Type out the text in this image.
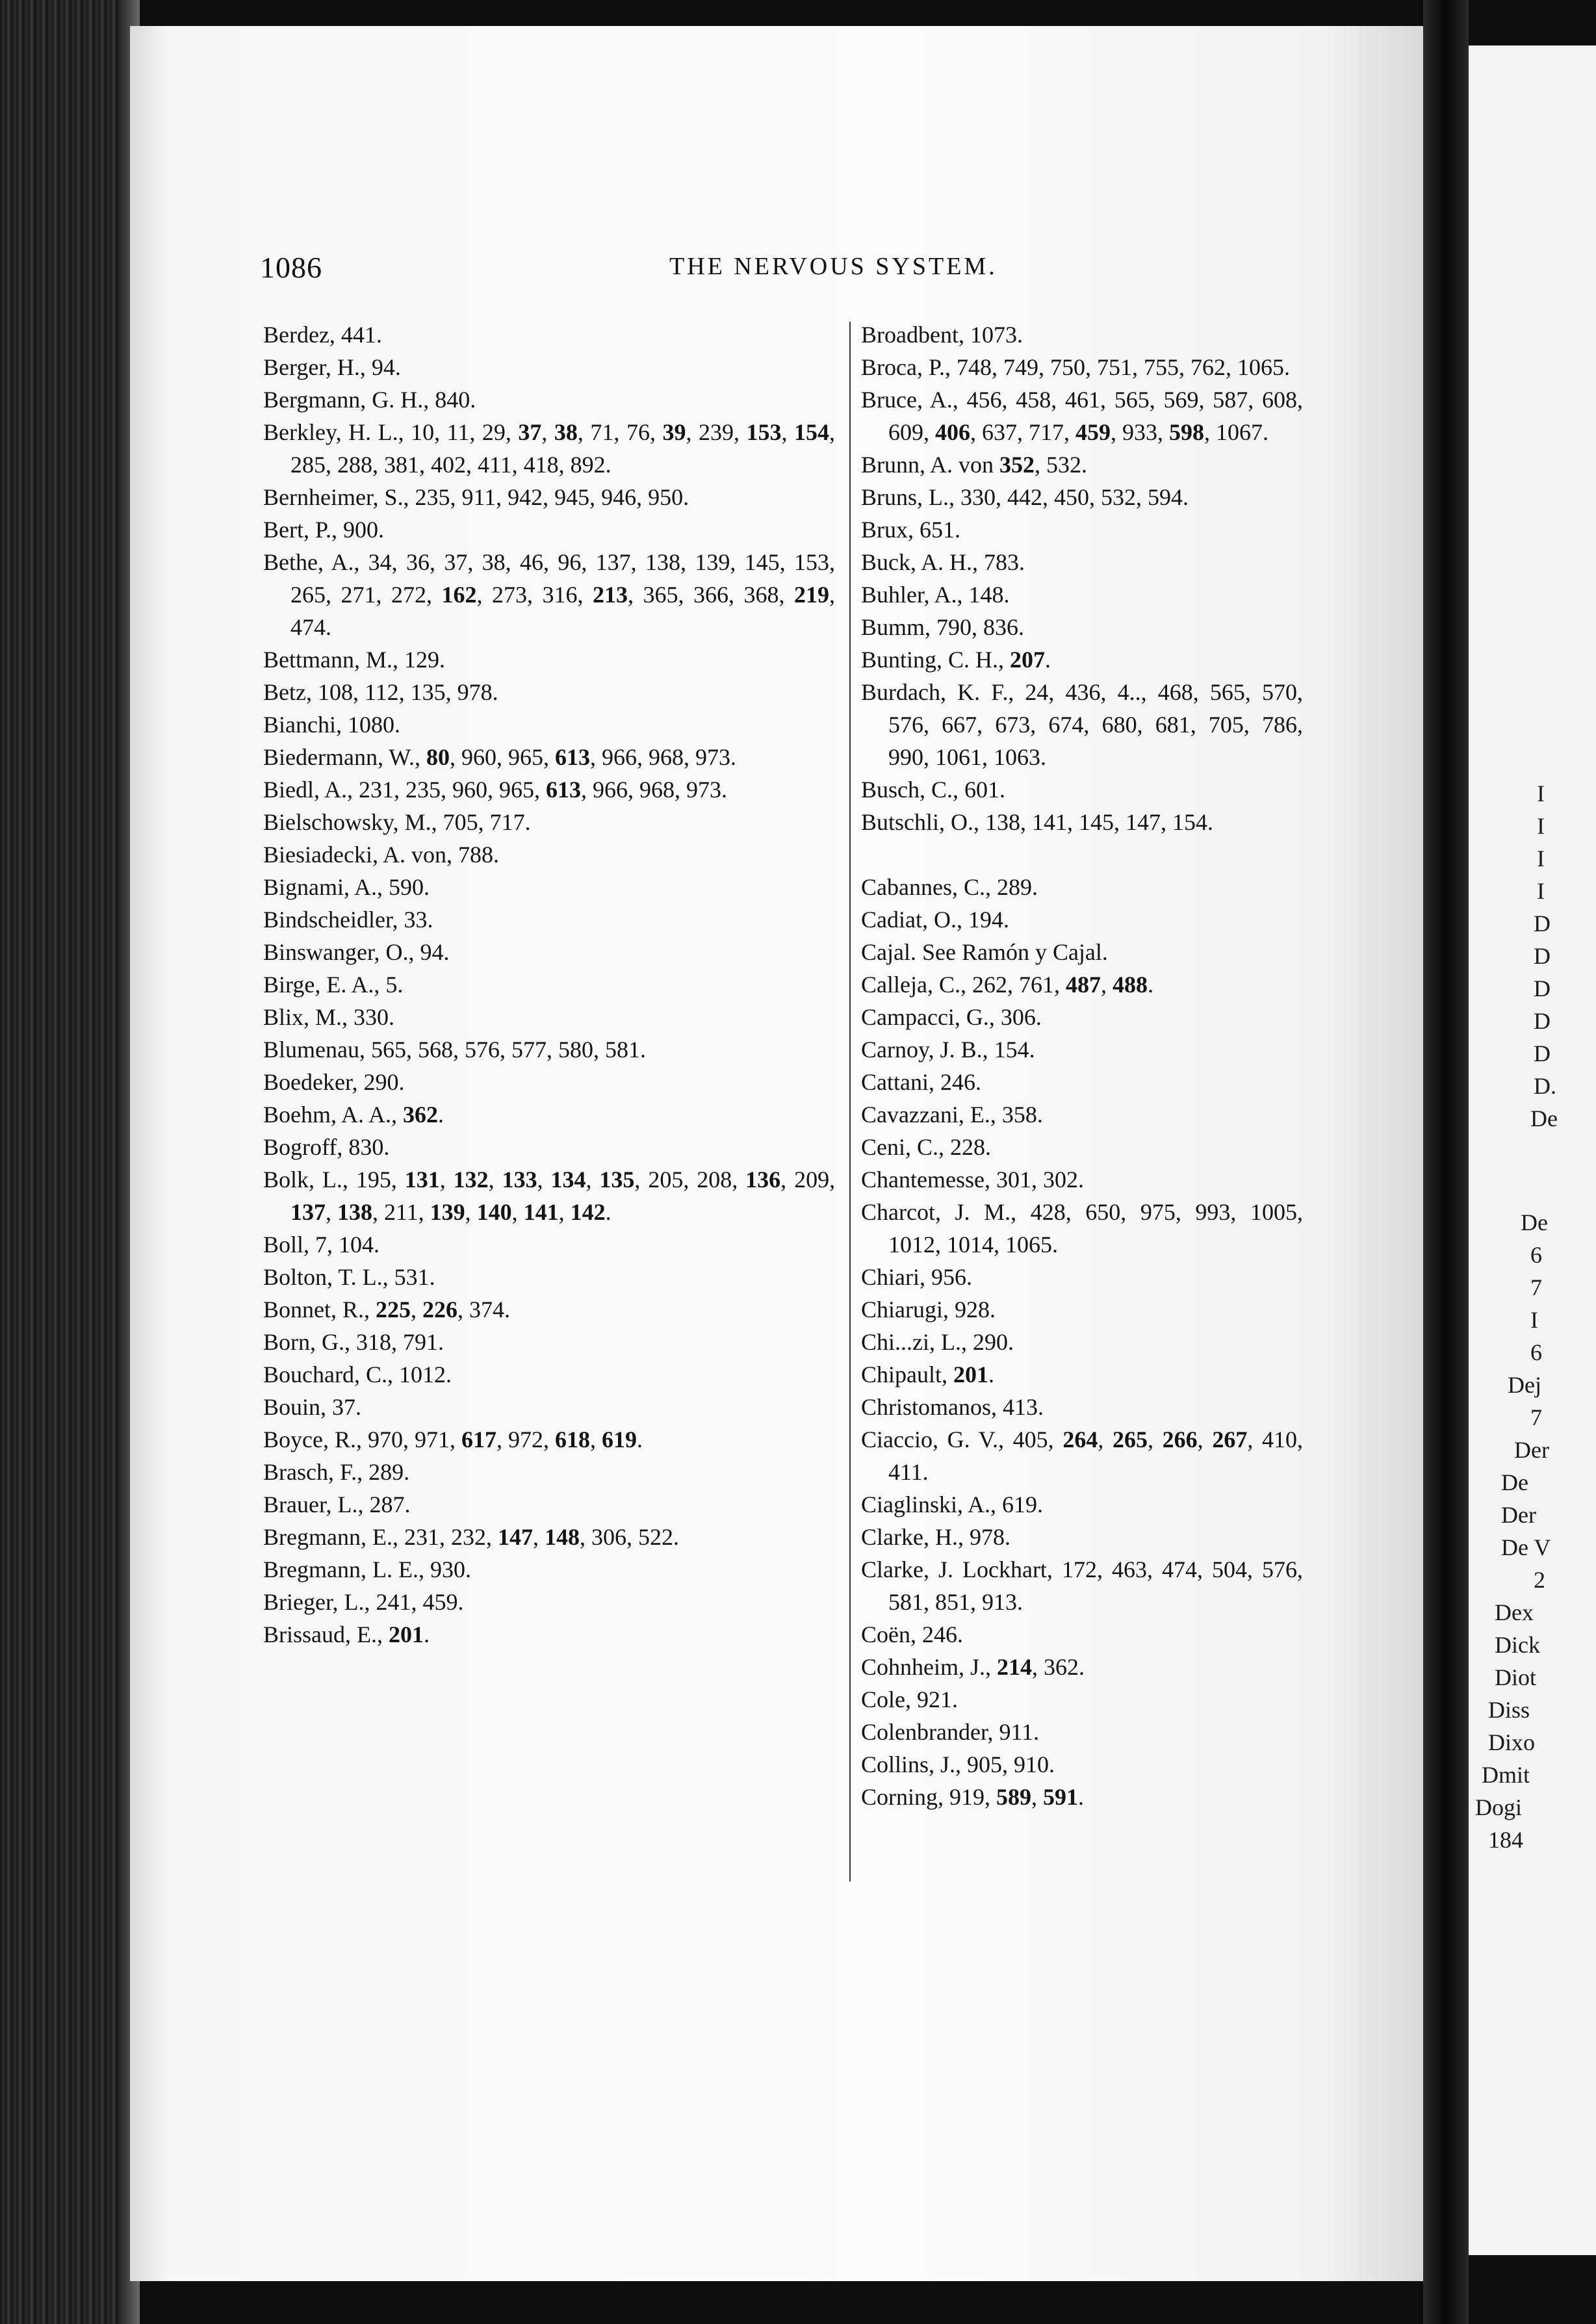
I
I
I
I
D
D
D
D
D
D.
De
De
6
7
I
6
Dej
7
Der
De
Der
De V
2
Dex
Dick
Diot
Diss
Dixo
Dmit
Dogi
184
1086	THE NERVOUS SYSTEM.
Berdez, 441.
Berger, H., 94.
Bergmann, G. H., 840.
Berkley, H. L., 10, 11, 29, 37, 38, 71, 76, 39, 239, 153, 154, 285, 288, 381, 402, 411, 418, 892.
Bernheimer, S., 235, 911, 942, 945, 946, 950.
Bert, P., 900.
Bethe, A., 34, 36, 37, 38, 46, 96, 137, 138, 139, 145, 153, 265, 271, 272, 162, 273, 316, 213, 365, 366, 368, 219, 474.
Bettmann, M., 129.
Betz, 108, 112, 135, 978.
Bianchi, 1080.
Biedermann, W., 80, 960, 965, 613, 966, 968, 973.
Biedl, A., 231, 235, 960, 965, 613, 966, 968, 973.
Bielschowsky, M., 705, 717.
Biesiadecki, A. von, 788.
Bignami, A., 590.
Bindscheidler, 33.
Binswanger, O., 94.
Birge, E. A., 5.
Blix, M., 330.
Blumenau, 565, 568, 576, 577, 580, 581.
Boedeker, 290.
Boehm, A. A., 362.
Bogroff, 830.
Bolk, L., 195, 131, 132, 133, 134, 135, 205, 208, 136, 209, 137, 138, 211, 139, 140, 141, 142.
Boll, 7, 104.
Bolton, T. L., 531.
Bonnet, R., 225, 226, 374.
Born, G., 318, 791.
Bouchard, C., 1012.
Bouin, 37.
Boyce, R., 970, 971, 617, 972, 618, 619.
Brasch, F., 289.
Brauer, L., 287.
Bregmann, E., 231, 232, 147, 148, 306, 522.
Bregmann, L. E., 930.
Brieger, L., 241, 459.
Brissaud, E., 201.
Broadbent, 1073.
Broca, P., 748, 749, 750, 751, 755, 762, 1065.
Bruce, A., 456, 458, 461, 565, 569, 587, 608, 609, 406, 637, 717, 459, 933, 598, 1067.
Brunn, A. von 352, 532.
Bruns, L., 330, 442, 450, 532, 594.
Brux, 651.
Buck, A. H., 783.
Buhler, A., 148.
Bumm, 790, 836.
Bunting, C. H., 207.
Burdach, K. F., 24, 436, 4.., 468, 565, 570, 576, 667, 673, 674, 680, 681, 705, 786, 990, 1061, 1063.
Busch, C., 601.
Butschli, O., 138, 141, 145, 147, 154.
Cabannes, C., 289.
Cadiat, O., 194.
Cajal. See Ramón y Cajal.
Calleja, C., 262, 761, 487, 488.
Campacci, G., 306.
Carnoy, J. B., 154.
Cattani, 246.
Cavazzani, E., 358.
Ceni, C., 228.
Chantemesse, 301, 302.
Charcot, J. M., 428, 650, 975, 993, 1005, 1012, 1014, 1065.
Chiari, 956.
Chiarugi, 928.
Chi...zi, L., 290.
Chipault, 201.
Christomanos, 413.
Ciaccio, G. V., 405, 264, 265, 266, 267, 410, 411.
Ciaglinski, A., 619.
Clarke, H., 978.
Clarke, J. Lockhart, 172, 463, 474, 504, 576, 581, 851, 913.
Coën, 246.
Cohnheim, J., 214, 362.
Cole, 921.
Colenbrander, 911.
Collins, J., 905, 910.
Corning, 919, 589, 591.
